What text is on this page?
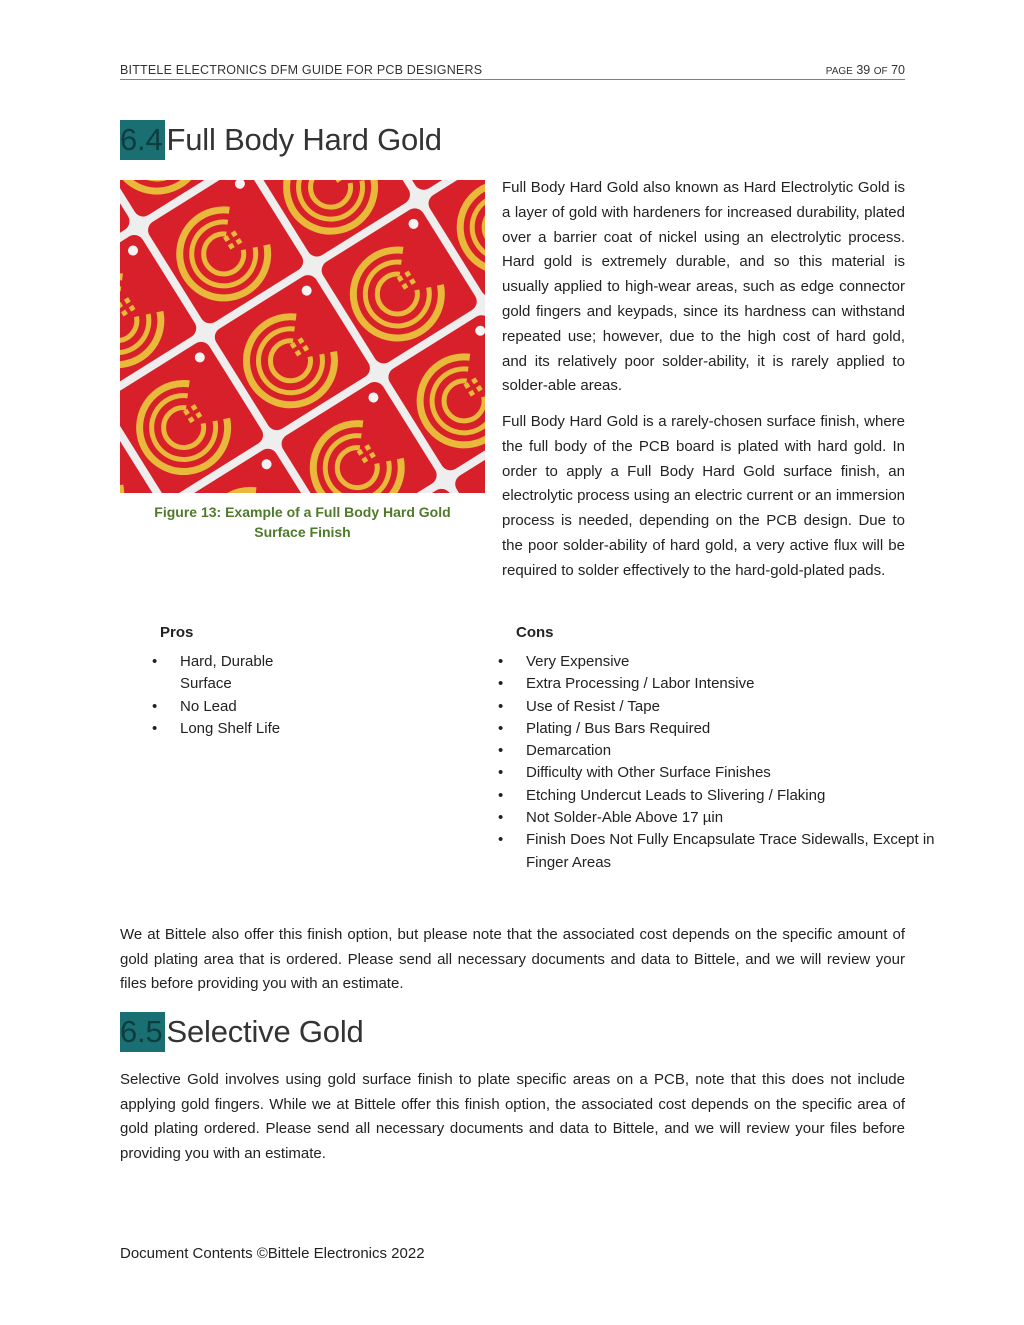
BITTELE ELECTRONICS DFM GUIDE FOR PCB DESIGNERS	PAGE 39 OF 70
6.4 Full Body Hard Gold
Figure 13: Example of a Full Body Hard Gold
Surface Finish
Full Body Hard Gold also known as Hard Electrolytic Gold is a layer of gold with hardeners for increased durability, plated over a barrier coat of nickel using an electrolytic process. Hard gold is extremely durable, and so this material is usually applied to high-wear areas, such as edge connector gold fingers and keypads, since its hardness can withstand repeated use; however, due to the high cost of hard gold, and its relatively poor solder-ability, it is rarely applied to solder-able areas.
Full Body Hard Gold is a rarely-chosen surface finish, where the full body of the PCB board is plated with hard gold. In order to apply a Full Body Hard Gold surface finish, an electrolytic process using an electric current or an immersion process is needed, depending on the PCB design. Due to the poor solder-ability of hard gold, a very active flux will be required to solder effectively to the hard-gold-plated pads.
Pros
• Hard, Durable Surface
• No Lead
• Long Shelf Life
Cons
• Very Expensive
• Extra Processing / Labor Intensive
• Use of Resist / Tape
• Plating / Bus Bars Required
• Demarcation
• Difficulty with Other Surface Finishes
• Etching Undercut Leads to Slivering / Flaking
• Not Solder-Able Above 17 µin
• Finish Does Not Fully Encapsulate Trace Sidewalls, Except in Finger Areas
We at Bittele also offer this finish option, but please note that the associated cost depends on the specific amount of gold plating area that is ordered. Please send all necessary documents and data to Bittele, and we will review your files before providing you with an estimate.
6.5 Selective Gold
Selective Gold involves using gold surface finish to plate specific areas on a PCB, note that this does not include applying gold fingers. While we at Bittele offer this finish option, the associated cost depends on the specific area of gold plating ordered. Please send all necessary documents and data to Bittele, and we will review your files before providing you with an estimate.
Document Contents ©Bittele Electronics 2022
